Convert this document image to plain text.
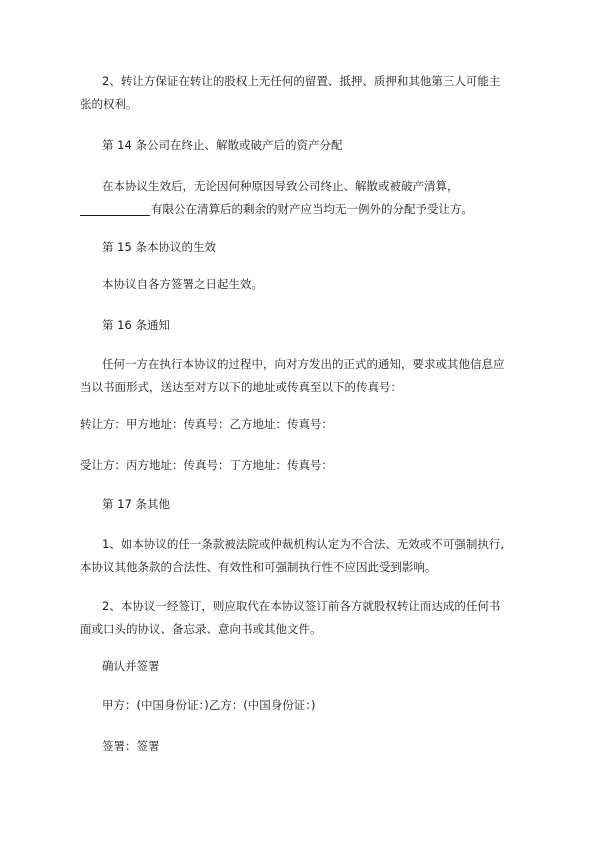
2、转让方保证在转让的股权上无任何的留置、抵押、质押和其他第三人可能主
张的权利。

第 14 条公司在终止、解散或破产后的资产分配

在本协议生效后，无论因何种原因导致公司终止、解散或被破产清算，
有限公在清算后的剩余的财产应当均无一例外的分配予受让方。

第 15 条本协议的生效

本协议自各方签署之日起生效。

第 16 条通知

任何一方在执行本协议的过程中，向对方发出的正式的通知，要求或其他信息应
当以书面形式，送达至对方以下的地址或传真至以下的传真号：

转让方：甲方地址：传真号：乙方地址：传真号：

受让方：丙方地址：传真号：丁方地址：传真号：

第 17 条其他

1、如本协议的任一条款被法院或仲裁机构认定为不合法、无效或不可强制执行,
本协议其他条款的合法性、有效性和可强制执行性不应因此受到影响。

2、本协议一经签订，则应取代在本协议签订前各方就股权转让而达成的任何书
面或口头的协议、备忘录、意向书或其他文件。

确认并签署

甲方：(中国身份证：)乙方：(中国身份证：)

签署：签署
